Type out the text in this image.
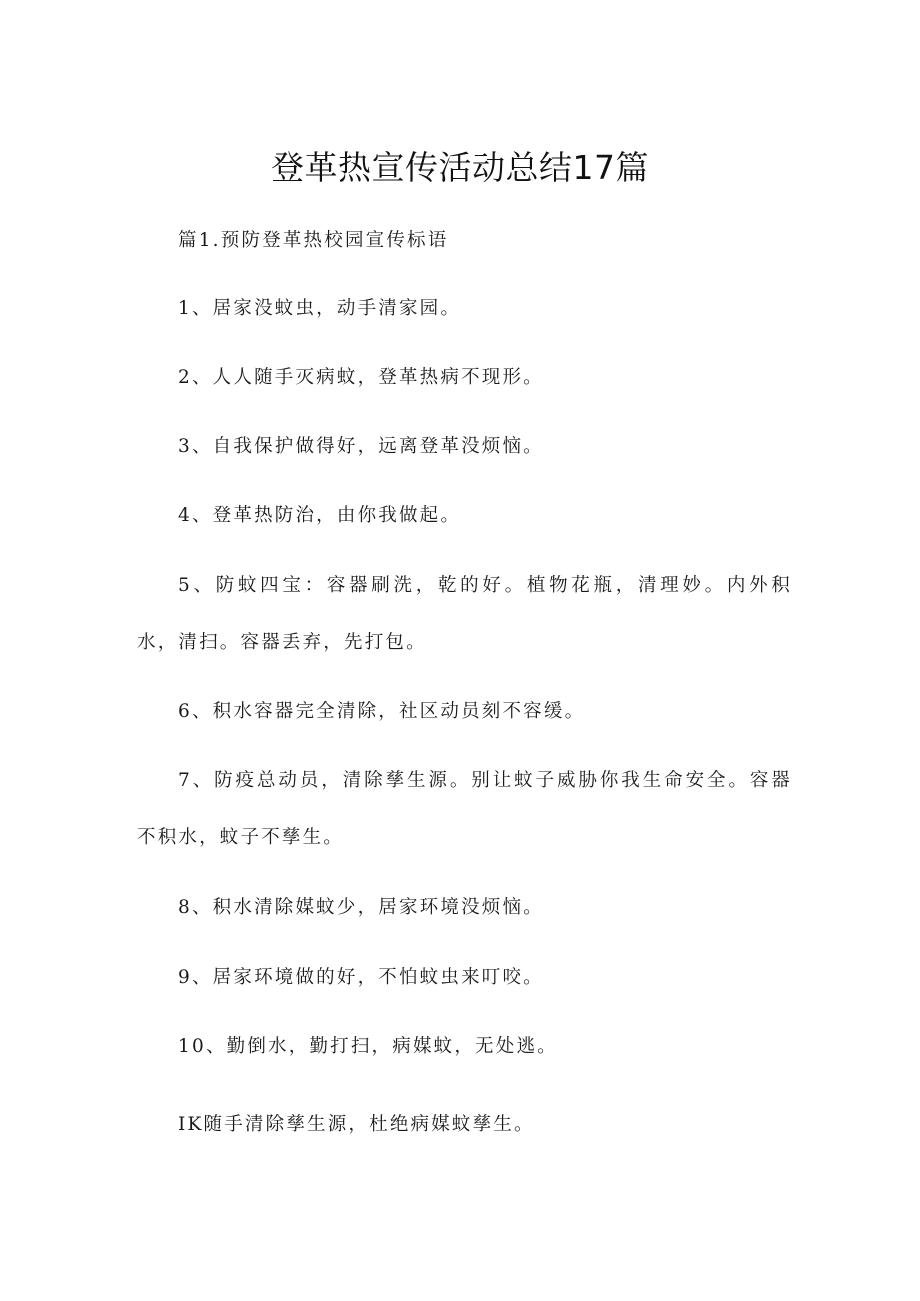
登革热宣传活动总结17篇

篇1.预防登革热校园宣传标语

1、居家没蚊虫，动手清家园。

2、人人随手灭病蚊，登革热病不现形。

3、自我保护做得好，远离登革没烦恼。

4、登革热防治，由你我做起。

5、防蚊四宝：容器刷洗，乾的好。植物花瓶，清理妙。内外积水，清扫。容器丢弃，先打包。

6、积水容器完全清除，社区动员刻不容缓。

7、防疫总动员，清除孳生源。别让蚊子威胁你我生命安全。容器不积水，蚊子不孳生。

8、积水清除媒蚊少，居家环境没烦恼。

9、居家环境做的好，不怕蚊虫来叮咬。

10、勤倒水，勤打扫，病媒蚊，无处逃。

IK随手清除孳生源，杜绝病媒蚊孳生。
